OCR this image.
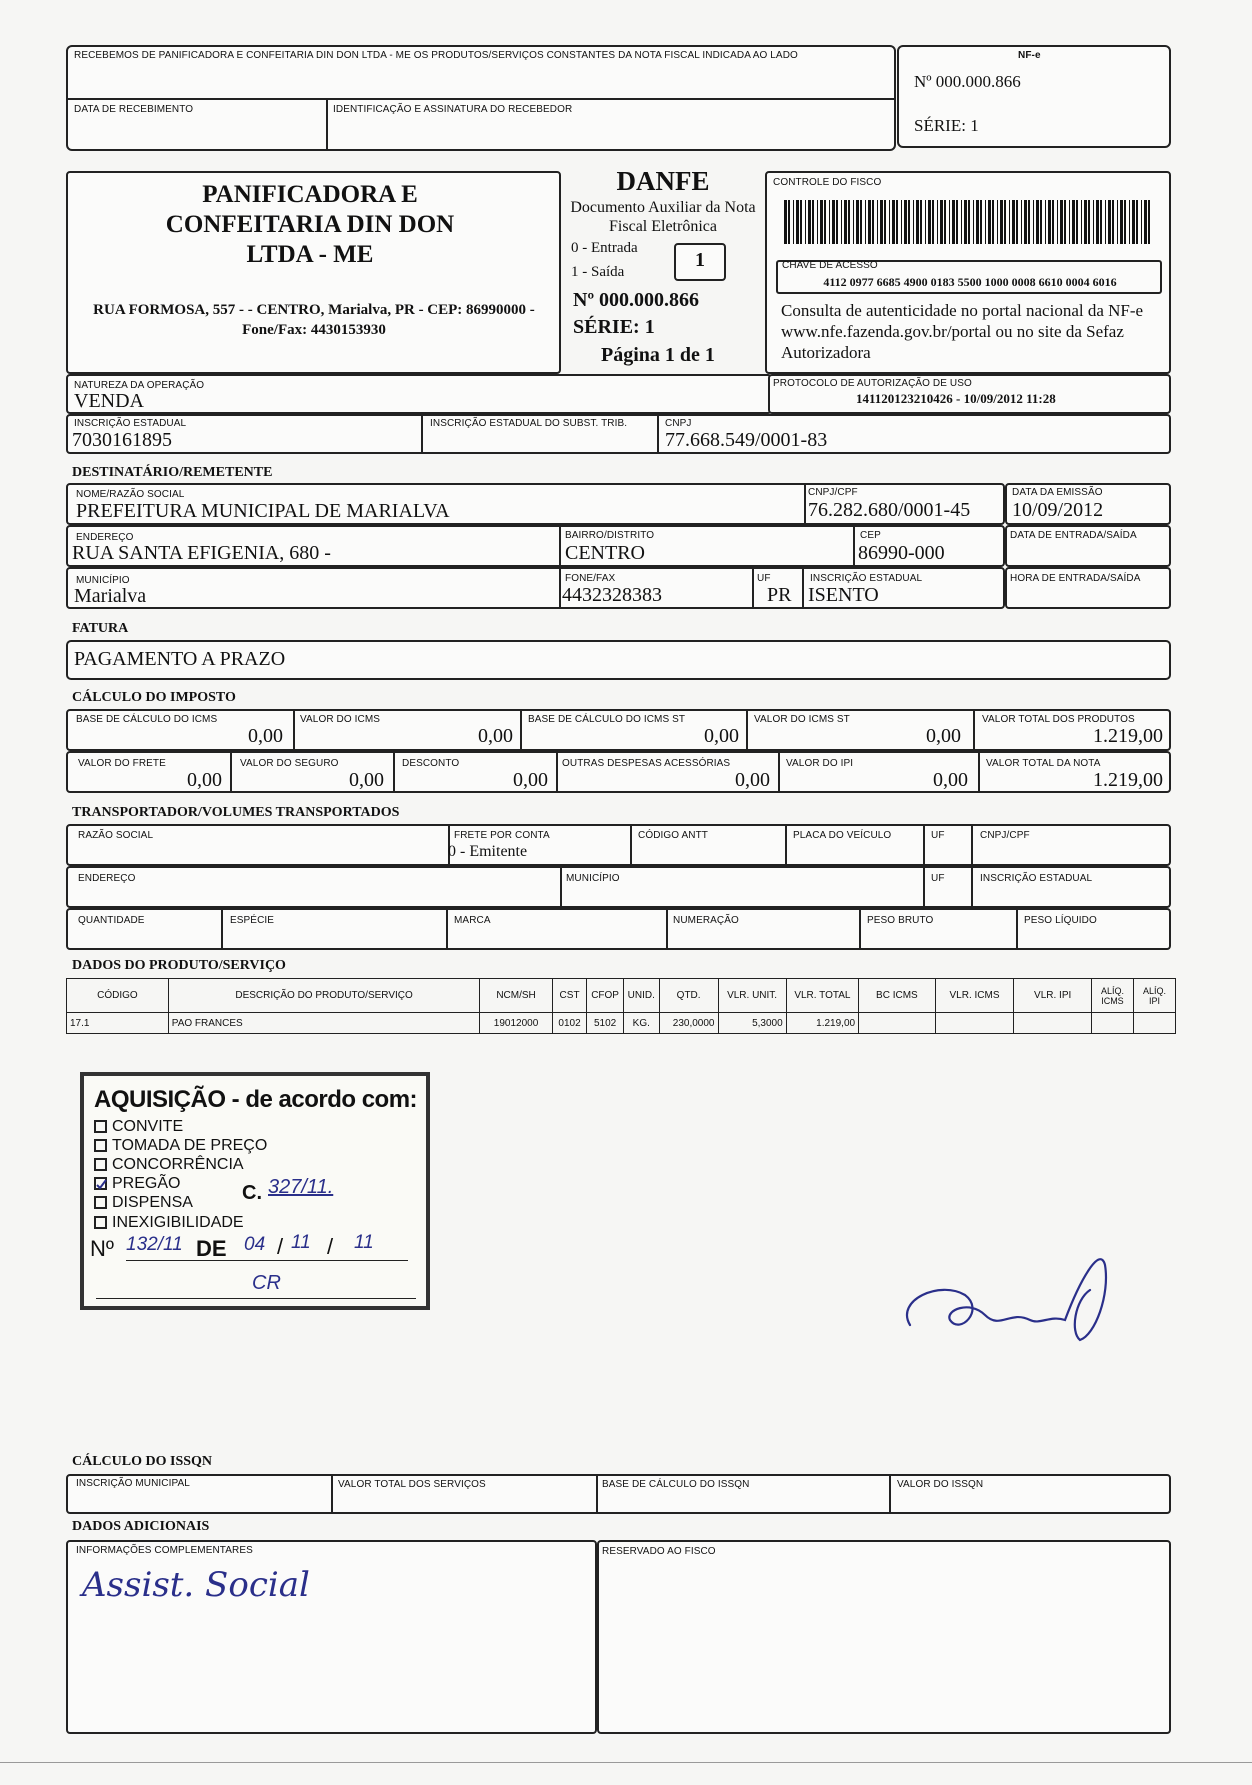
RECEBEMOS DE PANIFICADORA E CONFEITARIA DIN DON LTDA - ME OS PRODUTOS/SERVIÇOS CONSTANTES DA NOTA FISCAL INDICADA AO LADO
DATA DE RECEBIMENTO	IDENTIFICAÇÃO E ASSINATURA DO RECEBEDOR
NF-e
Nº 000.000.866
SÉRIE: 1
PANIFICADORA E CONFEITARIA DIN DON LTDA - ME
RUA FORMOSA, 557 - - CENTRO, Marialva, PR - CEP: 86990000 - Fone/Fax: 4430153930
DANFE
Documento Auxiliar da Nota Fiscal Eletrônica
0 - Entrada
1 - Saída
1
Nº 000.000.866
SÉRIE: 1
Página 1 de 1
CONTROLE DO FISCO
CHAVE DE ACESSO
4112 0977 6685 4900 0183 5500 1000 0008 6610 0004 6016
Consulta de autenticidade no portal nacional da NF-e www.nfe.fazenda.gov.br/portal ou no site da Sefaz Autorizadora
NATUREZA DA OPERAÇÃO
VENDA
PROTOCOLO DE AUTORIZAÇÃO DE USO
141120123210426 - 10/09/2012 11:28
INSCRIÇÃO ESTADUAL
7030161895
INSCRIÇÃO ESTADUAL DO SUBST. TRIB.	CNPJ
77.668.549/0001-83
DESTINATÁRIO/REMETENTE
NOME/RAZÃO SOCIAL
PREFEITURA MUNICIPAL DE MARIALVA
CNPJ/CPF
76.282.680/0001-45
DATA DA EMISSÃO
10/09/2012
ENDEREÇO
RUA SANTA EFIGENIA, 680 -
BAIRRO/DISTRITO
CENTRO
CEP
86990-000
DATA DE ENTRADA/SAÍDA
MUNICÍPIO
Marialva
FONE/FAX
4432328383
UF
PR
INSCRIÇÃO ESTADUAL
ISENTO
HORA DE ENTRADA/SAÍDA
FATURA
PAGAMENTO A PRAZO
CÁLCULO DO IMPOSTO
BASE DE CÁLCULO DO ICMS
0,00
VALOR DO ICMS
0,00
BASE DE CÁLCULO DO ICMS ST
0,00
VALOR DO ICMS ST
0,00
VALOR TOTAL DOS PRODUTOS
1.219,00
VALOR DO FRETE
0,00
VALOR DO SEGURO
0,00
DESCONTO
0,00
OUTRAS DESPESAS ACESSÓRIAS
0,00
VALOR DO IPI
0,00
VALOR TOTAL DA NOTA
1.219,00
TRANSPORTADOR/VOLUMES TRANSPORTADOS
RAZÃO SOCIAL	FRETE POR CONTA
0 - Emitente
CÓDIGO ANTT	PLACA DO VEÍCULO	UF	CNPJ/CPF
ENDEREÇO	MUNICÍPIO	UF	INSCRIÇÃO ESTADUAL
QUANTIDADE	ESPÉCIE	MARCA	NUMERAÇÃO	PESO BRUTO	PESO LÍQUIDO
DADOS DO PRODUTO/SERVIÇO
CÓDIGO	DESCRIÇÃO DO PRODUTO/SERVIÇO	NCM/SH	CST	CFOP	UNID.	QTD.	VLR. UNIT.	VLR. TOTAL	BC ICMS	VLR. ICMS	VLR. IPI	ALÍQ. ICMS	ALÍQ. IPI
17.1	PAO FRANCES	19012000	0102	5102	KG.	230,0000	5,3000	1.219,00					
AQUISIÇÃO - de acordo com:
CONVITE
TOMADA DE PREÇO
CONCORRÊNCIA
PREGÃO
DISPENSA
INEXIGIBILIDADE
C. 327/11.
Nº 132/11 DE 04 / 11 / 11
CR
CÁLCULO DO ISSQN
INSCRIÇÃO MUNICIPAL	VALOR TOTAL DOS SERVIÇOS	BASE DE CÁLCULO DO ISSQN	VALOR DO ISSQN
DADOS ADICIONAIS
INFORMAÇÕES COMPLEMENTARES
Assist. Social
RESERVADO AO FISCO
